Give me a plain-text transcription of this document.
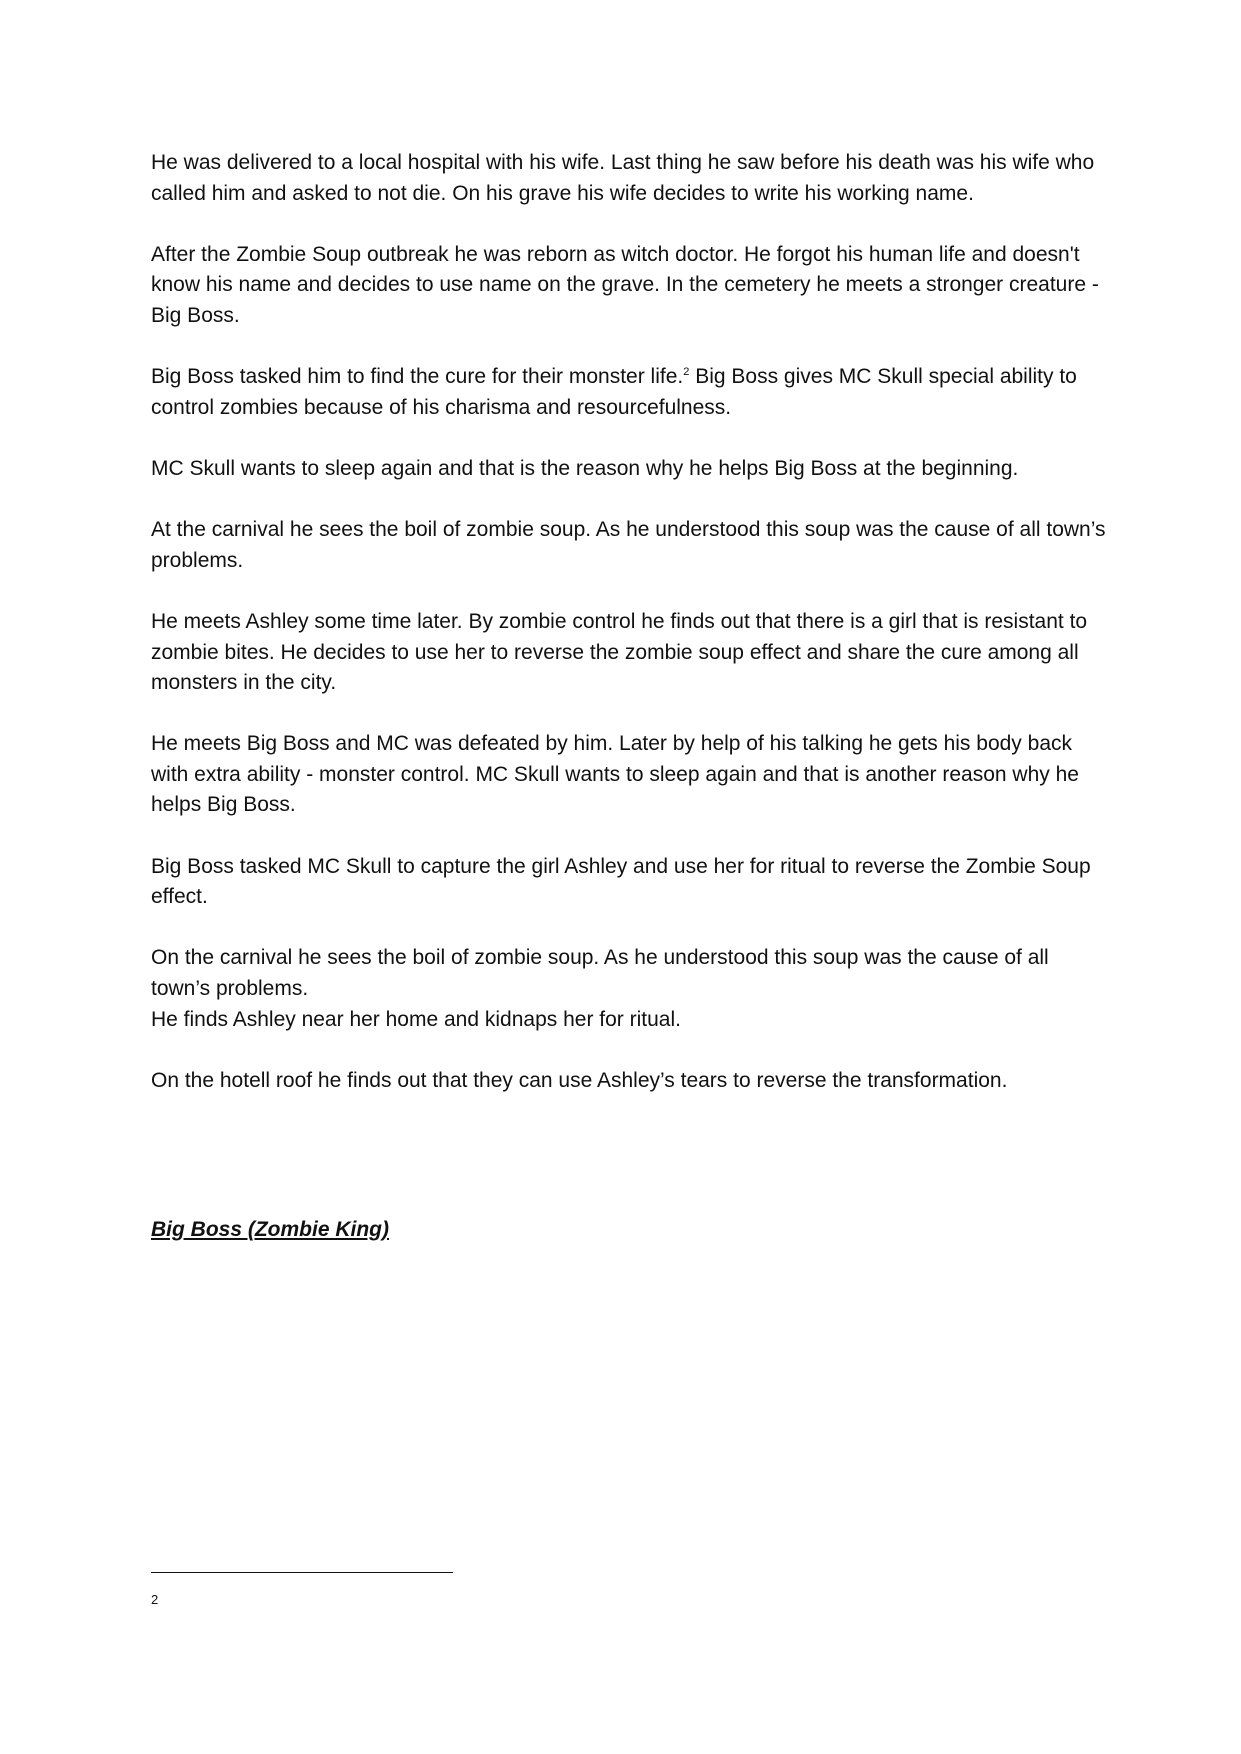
He was delivered to a local hospital with his wife. Last thing he saw before his death was his wife who called him and asked to not die. On his grave his wife decides to write his working name.

After the Zombie Soup outbreak he was reborn as witch doctor. He forgot his human life and doesn't know his name and decides to use name on the grave. In the cemetery he meets a stronger creature - Big Boss.

Big Boss tasked him to find the cure for their monster life.$^2$ Big Boss gives MC Skull special ability to control zombies because of his charisma and resourcefulness.

MC Skull wants to sleep again and that is the reason why he helps Big Boss at the beginning.

At the carnival he sees the boil of zombie soup. As he understood this soup was the cause of all town’s problems.

He meets Ashley some time later. By zombie control he finds out that there is a girl that is resistant to zombie bites. He decides to use her to reverse the zombie soup effect and share the cure among all monsters in the city.

He meets Big Boss and MC was defeated by him. Later by help of his talking he gets his body back with extra ability - monster control. MC Skull wants to sleep again and that is another reason why he helps Big Boss.

Big Boss tasked MC Skull to capture the girl Ashley and use her for ritual to reverse the Zombie Soup effect.

On the carnival he sees the boil of zombie soup. As he understood this soup was the cause of all town’s problems.

He finds Ashley near her home and kidnaps her for ritual.

On the hotell roof he finds out that they can use Ashley’s tears to reverse the transformation.

Big Boss (Zombie King)
2
